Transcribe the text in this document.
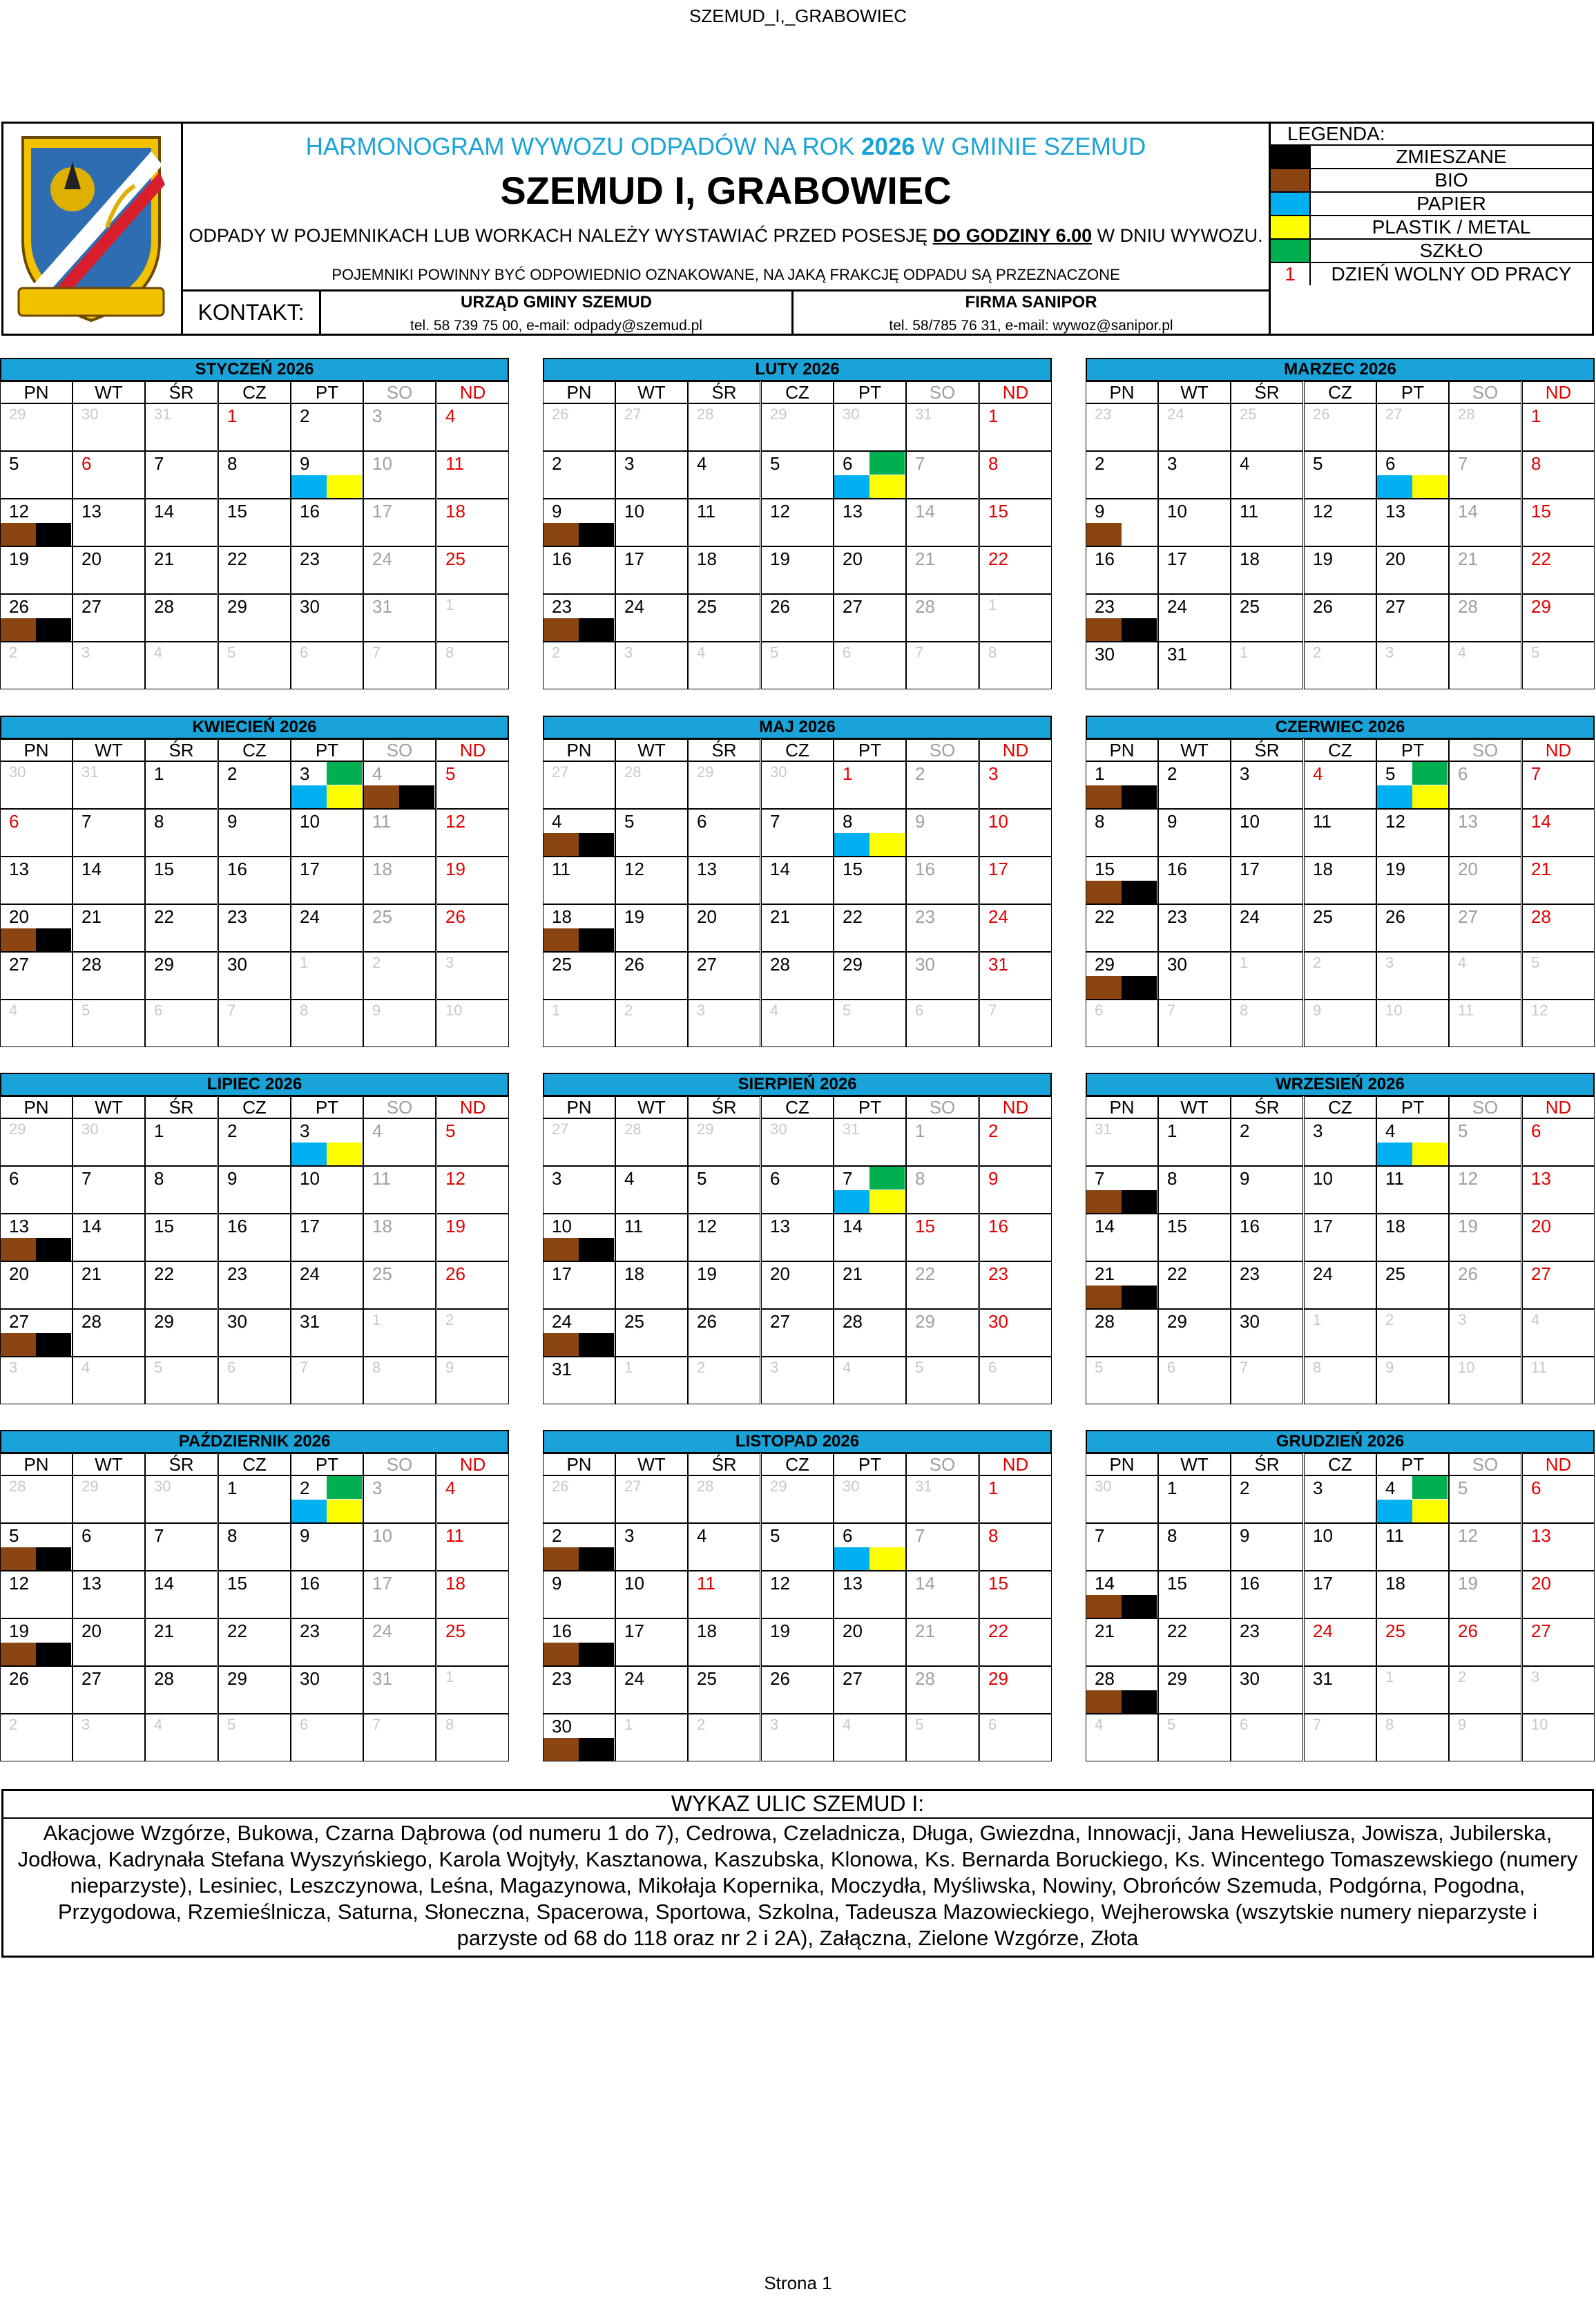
SZEMUD_I,_GRABOWIEC
HARMONOGRAM WYWOZU ODPADÓW NA ROK 2026 W GMINIE SZEMUD
SZEMUD I, GRABOWIEC
ODPADY W POJEMNIKACH LUB WORKACH NALEŻY WYSTAWIAĆ PRZED POSESJĘ DO GODZINY 6.00 W DNIU WYWOZU.
POJEMNIKI POWINNY BYĆ ODPOWIEDNIO OZNAKOWANE, NA JAKĄ FRAKCJĘ ODPADU SĄ PRZEZNACZONE
KONTAKT:	URZĄD GMINY SZEMUD
tel. 58 739 75 00, e-mail: odpady@szemud.pl
FIRMA SANIPOR
tel. 58/785 76 31, e-mail: wywoz@sanipor.pl
LEGENDA:
ZMIESZANE
BIO
PAPIER
PLASTIK / METAL
SZKŁO
1	DZIEŃ WOLNY OD PRACY
STYCZEŃ 2026
PN	WT	ŚR	CZ	PT	SO	ND
29	30	31	1	2	3	4
5	6	7	8	9	10	11
12	13	14	15	16	17	18
19	20	21	22	23	24	25
26	27	28	29	30	31	1
2	3	4	5	6	7	8
LUTY 2026
PN	WT	ŚR	CZ	PT	SO	ND
26	27	28	29	30	31	1
2	3	4	5	6	7	8
9	10	11	12	13	14	15
16	17	18	19	20	21	22
23	24	25	26	27	28	1
2	3	4	5	6	7	8
MARZEC 2026
PN	WT	ŚR	CZ	PT	SO	ND
23	24	25	26	27	28	1
2	3	4	5	6	7	8
9	10	11	12	13	14	15
16	17	18	19	20	21	22
23	24	25	26	27	28	29
30	31	1	2	3	4	5
KWIECIEŃ 2026
PN	WT	ŚR	CZ	PT	SO	ND
30	31	1	2	3	4	5
6	7	8	9	10	11	12
13	14	15	16	17	18	19
20	21	22	23	24	25	26
27	28	29	30	1	2	3
4	5	6	7	8	9	10
MAJ 2026
PN	WT	ŚR	CZ	PT	SO	ND
27	28	29	30	1	2	3
4	5	6	7	8	9	10
11	12	13	14	15	16	17
18	19	20	21	22	23	24
25	26	27	28	29	30	31
1	2	3	4	5	6	7
CZERWIEC 2026
PN	WT	ŚR	CZ	PT	SO	ND
1	2	3	4	5	6	7
8	9	10	11	12	13	14
15	16	17	18	19	20	21
22	23	24	25	26	27	28
29	30	1	2	3	4	5
6	7	8	9	10	11	12
LIPIEC 2026
PN	WT	ŚR	CZ	PT	SO	ND
29	30	1	2	3	4	5
6	7	8	9	10	11	12
13	14	15	16	17	18	19
20	21	22	23	24	25	26
27	28	29	30	31	1	2
3	4	5	6	7	8	9
SIERPIEŃ 2026
PN	WT	ŚR	CZ	PT	SO	ND
27	28	29	30	31	1	2
3	4	5	6	7	8	9
10	11	12	13	14	15	16
17	18	19	20	21	22	23
24	25	26	27	28	29	30
31	1	2	3	4	5	6
WRZESIEŃ 2026
PN	WT	ŚR	CZ	PT	SO	ND
31	1	2	3	4	5	6
7	8	9	10	11	12	13
14	15	16	17	18	19	20
21	22	23	24	25	26	27
28	29	30	1	2	3	4
5	6	7	8	9	10	11
PAŹDZIERNIK 2026
PN	WT	ŚR	CZ	PT	SO	ND
28	29	30	1	2	3	4
5	6	7	8	9	10	11
12	13	14	15	16	17	18
19	20	21	22	23	24	25
26	27	28	29	30	31	1
2	3	4	5	6	7	8
LISTOPAD 2026
PN	WT	ŚR	CZ	PT	SO	ND
26	27	28	29	30	31	1
2	3	4	5	6	7	8
9	10	11	12	13	14	15
16	17	18	19	20	21	22
23	24	25	26	27	28	29
30	1	2	3	4	5	6
GRUDZIEŃ 2026
PN	WT	ŚR	CZ	PT	SO	ND
30	1	2	3	4	5	6
7	8	9	10	11	12	13
14	15	16	17	18	19	20
21	22	23	24	25	26	27
28	29	30	31	1	2	3
4	5	6	7	8	9	10
WYKAZ ULIC SZEMUD I:
Akacjowe Wzgórze, Bukowa, Czarna Dąbrowa (od numeru 1 do 7), Cedrowa, Czeladnicza, Długa, Gwiezdna, Innowacji, Jana Heweliusza, Jowisza, Jubilerska, Jodłowa, Kadrynała Stefana Wyszyńskiego, Karola Wojtyły, Kasztanowa, Kaszubska, Klonowa, Ks. Bernarda Boruckiego, Ks. Wincentego Tomaszewskiego (numery nieparzyste), Lesiniec, Leszczynowa, Leśna, Magazynowa, Mikołaja Kopernika, Moczydła, Myśliwska, Nowiny, Obrońców Szemuda, Podgórna, Pogodna, Przygodowa, Rzemieślnicza, Saturna, Słoneczna, Spacerowa, Sportowa, Szkolna, Tadeusza Mazowieckiego, Wejherowska (wszytskie numery nieparzyste i parzyste od 68 do 118 oraz nr 2 i 2A), Załączna, Zielone Wzgórze, Złota
Strona 1
